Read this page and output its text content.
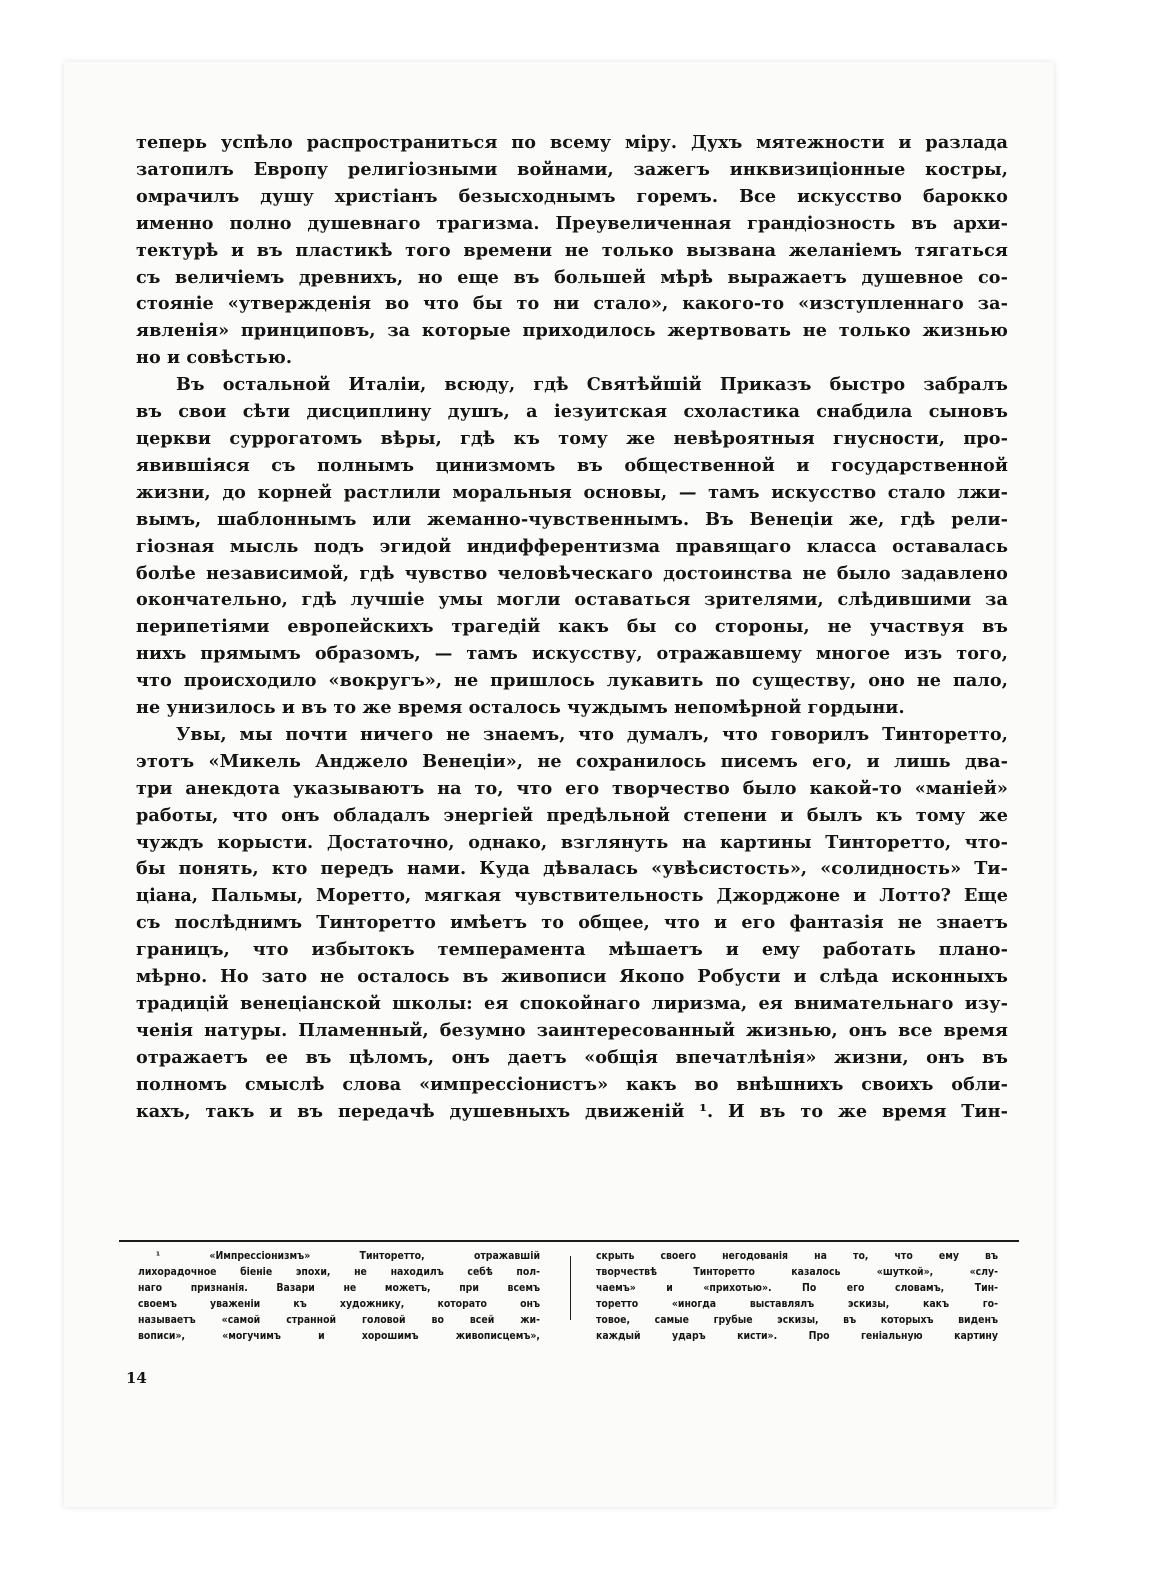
теперь успѣло распространиться по всему міру. Духъ мятежности и разлада
затопилъ Европу религіозными войнами, зажегъ инквизиціонные костры,
омрачилъ душу христіанъ безысходнымъ горемъ. Все искусство барокко
именно полно душевнаго трагизма. Преувеличенная грандіозность въ архи-
тектурѣ и въ пластикѣ того времени не только вызвана желаніемъ тягаться
съ величіемъ древнихъ, но еще въ большей мѣрѣ выражаетъ душевное со-
стояніе «утвержденія во что бы то ни стало», какого-то «изступленнаго за-
явленія» принциповъ, за которые приходилось жертвовать не только жизнью
но и совѣстью.
Въ остальной Италіи, всюду, гдѣ Святѣйшій Приказъ быстро забралъ
въ свои сѣти дисциплину душъ, а іезуитская схоластика снабдила сыновъ
церкви суррогатомъ вѣры, гдѣ къ тому же невѣроятныя гнусности, про-
явившіяся съ полнымъ цинизмомъ въ общественной и государственной
жизни, до корней растлили моральныя основы, — тамъ искусство стало лжи-
вымъ, шаблоннымъ или жеманно-чувственнымъ. Въ Венеціи же, гдѣ рели-
гіозная мысль подъ эгидой индифферентизма правящаго класса оставалась
болѣе независимой, гдѣ чувство человѣческаго достоинства не было задавлено
окончательно, гдѣ лучшіе умы могли оставаться зрителями, слѣдившими за
перипетіями европейскихъ трагедій какъ бы со стороны, не участвуя въ
нихъ прямымъ образомъ, — тамъ искусству, отражавшему многое изъ того,
что происходило «вокругъ», не пришлось лукавить по существу, оно не пало,
не унизилось и въ то же время осталось чуждымъ непомѣрной гордыни.
Увы, мы почти ничего не знаемъ, что думалъ, что говорилъ Тинторетто,
этотъ «Микель Анджело Венеціи», не сохранилось писемъ его, и лишь два-
три анекдота указываютъ на то, что его творчество было какой-то «маніей»
работы, что онъ обладалъ энергіей предѣльной степени и былъ къ тому же
чуждъ корысти. Достаточно, однако, взглянуть на картины Тинторетто, что-
бы понять, кто передъ нами. Куда дѣвалась «увѣсистость», «солидность» Ти-
ціана, Пальмы, Моретто, мягкая чувствительность Джорджоне и Лотто? Еще
съ послѣднимъ Тинторетто имѣетъ то общее, что и его фантазія не знаетъ
границъ, что избытокъ темперамента мѣшаетъ и ему работать плано-
мѣрно. Но зато не осталось въ живописи Якопо Робусти и слѣда исконныхъ
традицій венеціанской школы: ея спокойнаго лиризма, ея внимательнаго изу-
ченія натуры. Пламенный, безумно заинтересованный жизнью, онъ все время
отражаетъ ее въ цѣломъ, онъ даетъ «общія впечатлѣнія» жизни, онъ въ
полномъ смыслѣ слова «импрессіонистъ» какъ во внѣшнихъ своихъ обли-
кахъ, такъ и въ передачѣ душевныхъ движеній ¹. И въ то же время Тин-
¹ «Импрессіонизмъ» Тинторетто, отражавшій
лихорадочное біеніе эпохи, не находилъ себѣ пол-
наго признанія. Вазари не можетъ, при всемъ
своемъ уваженіи къ художнику, которато онъ
называетъ «самой странной головой во всей жи-
вописи», «могучимъ и хорошимъ живописцемъ»,
скрыть своего негодованія на то, что ему въ
творчествѣ Тинторетто казалось «шуткой», «слу-
чаемъ» и «прихотью». По его словамъ, Тин-
торетто «иногда выставлялъ эскизы, какъ го-
товое, самые грубые эскизы, въ которыхъ виденъ
каждый ударъ кисти». Про геніальную картину
14
